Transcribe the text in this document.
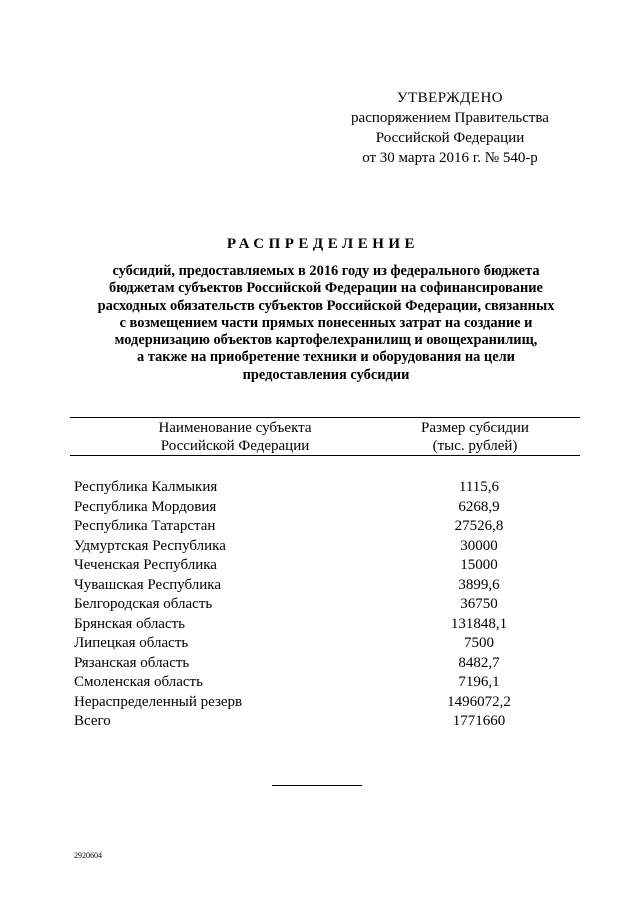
УТВЕРЖДЕНО
распоряжением Правительства
Российской Федерации
от 30 марта 2016 г. № 540-р
РАСПРЕДЕЛЕНИЕ
субсидий, предоставляемых в 2016 году из федерального бюджета
бюджетам субъектов Российской Федерации на софинансирование
расходных обязательств субъектов Российской Федерации, связанных
с возмещением части прямых понесенных затрат на создание и
модернизацию объектов картофелехранилищ и овощехранилищ,
а также на приобретение техники и оборудования на цели
предоставления субсидии
Наименование субъекта
Российской Федерации
Размер субсидии
(тыс. рублей)
Республика Калмыкия	1115,6
Республика Мордовия	6268,9
Республика Татарстан	27526,8
Удмуртская Республика	30000
Чеченская Республика	15000
Чувашская Республика	3899,6
Белгородская область	36750
Брянская область	131848,1
Липецкая область	7500
Рязанская область	8482,7
Смоленская область	7196,1
Нераспределенный резерв	1496072,2
Всего	1771660
2920604
